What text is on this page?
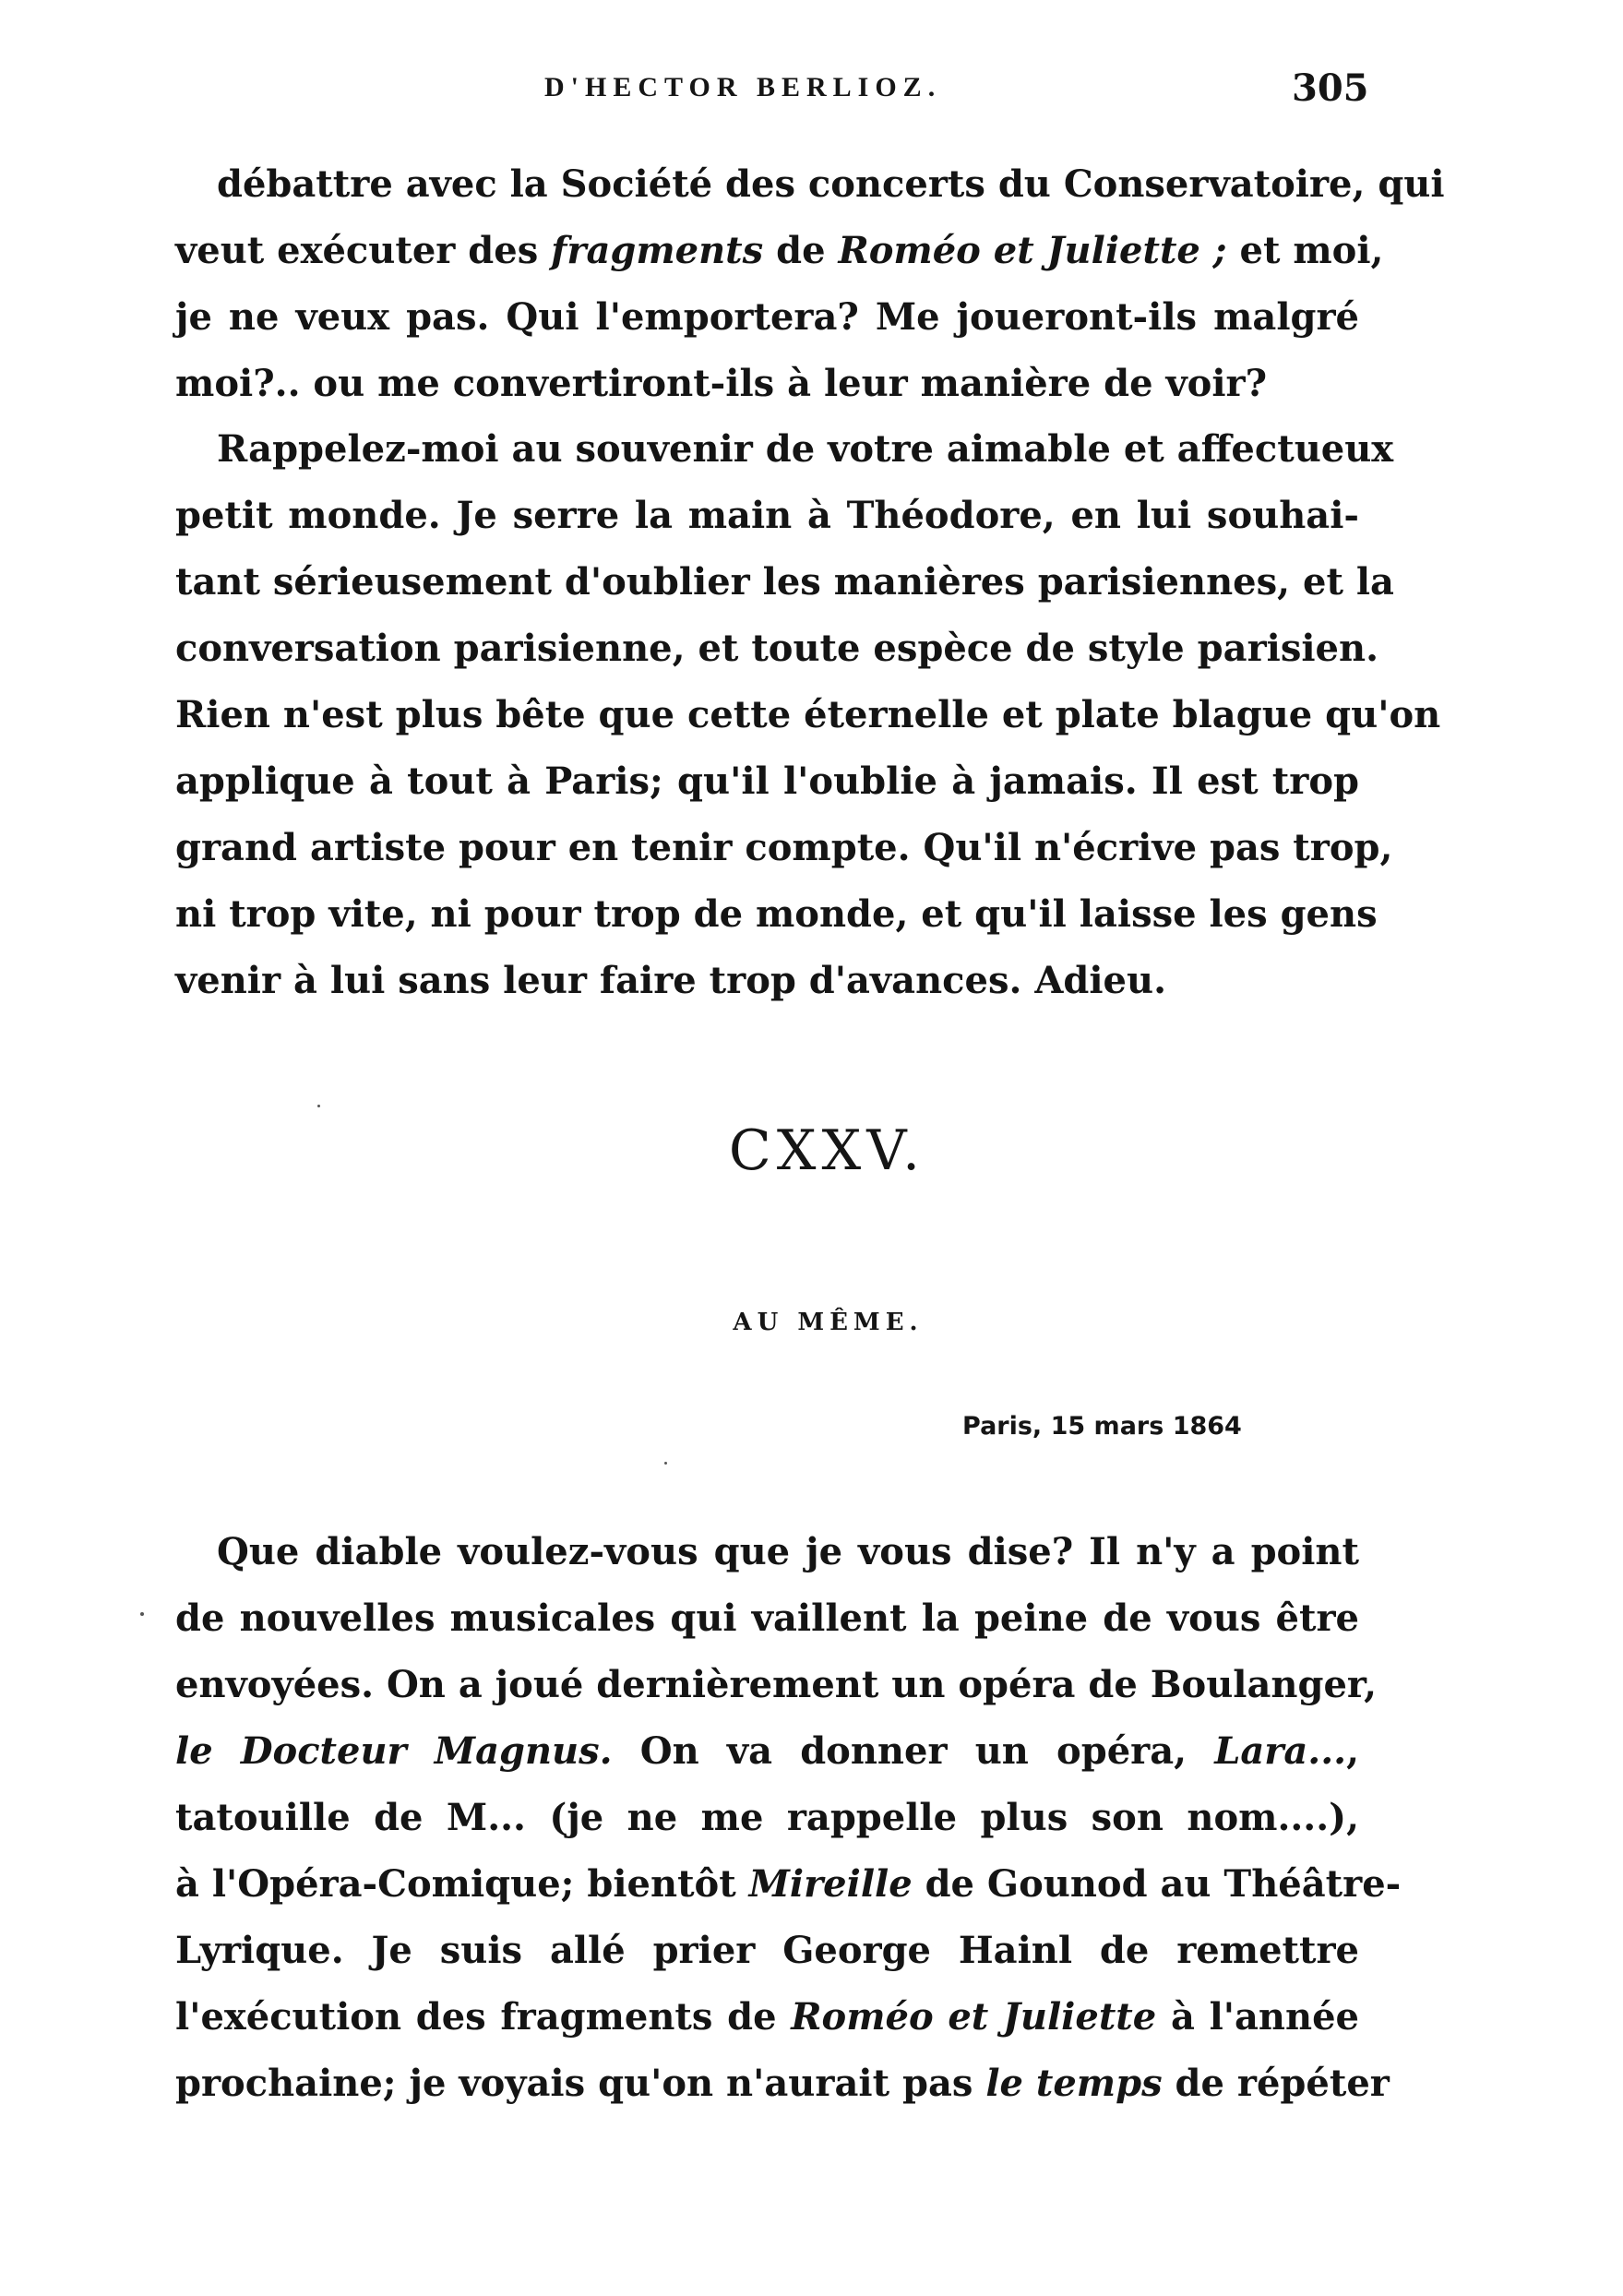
D'HECTOR BERLIOZ.	305
débattre avec la Société des concerts du Conservatoire, qui
veut exécuter des fragments de Roméo et Juliette ; et moi,
je ne veux pas. Qui l'emportera? Me joueront-ils malgré
moi?.. ou me convertiront-ils à leur manière de voir?
Rappelez-moi au souvenir de votre aimable et affectueux
petit monde. Je serre la main à Théodore, en lui souhai-
tant sérieusement d'oublier les manières parisiennes, et la
conversation parisienne, et toute espèce de style parisien.
Rien n'est plus bête que cette éternelle et plate blague qu'on
applique à tout à Paris; qu'il l'oublie à jamais. Il est trop
grand artiste pour en tenir compte. Qu'il n'écrive pas trop,
ni trop vite, ni pour trop de monde, et qu'il laisse les gens
venir à lui sans leur faire trop d'avances. Adieu.
CXXV.
AU MÊME.
Paris, 15 mars 1864
Que diable voulez-vous que je vous dise? Il n'y a point
de nouvelles musicales qui vaillent la peine de vous être
envoyées. On a joué dernièrement un opéra de Boulanger,
le Docteur Magnus. On va donner un opéra, Lara...,
tatouille de M... (je ne me rappelle plus son nom....),
à l'Opéra-Comique; bientôt Mireille de Gounod au Théâtre-
Lyrique. Je suis allé prier George Hainl de remettre
l'exécution des fragments de Roméo et Juliette à l'année
prochaine; je voyais qu'on n'aurait pas le temps de répéter
